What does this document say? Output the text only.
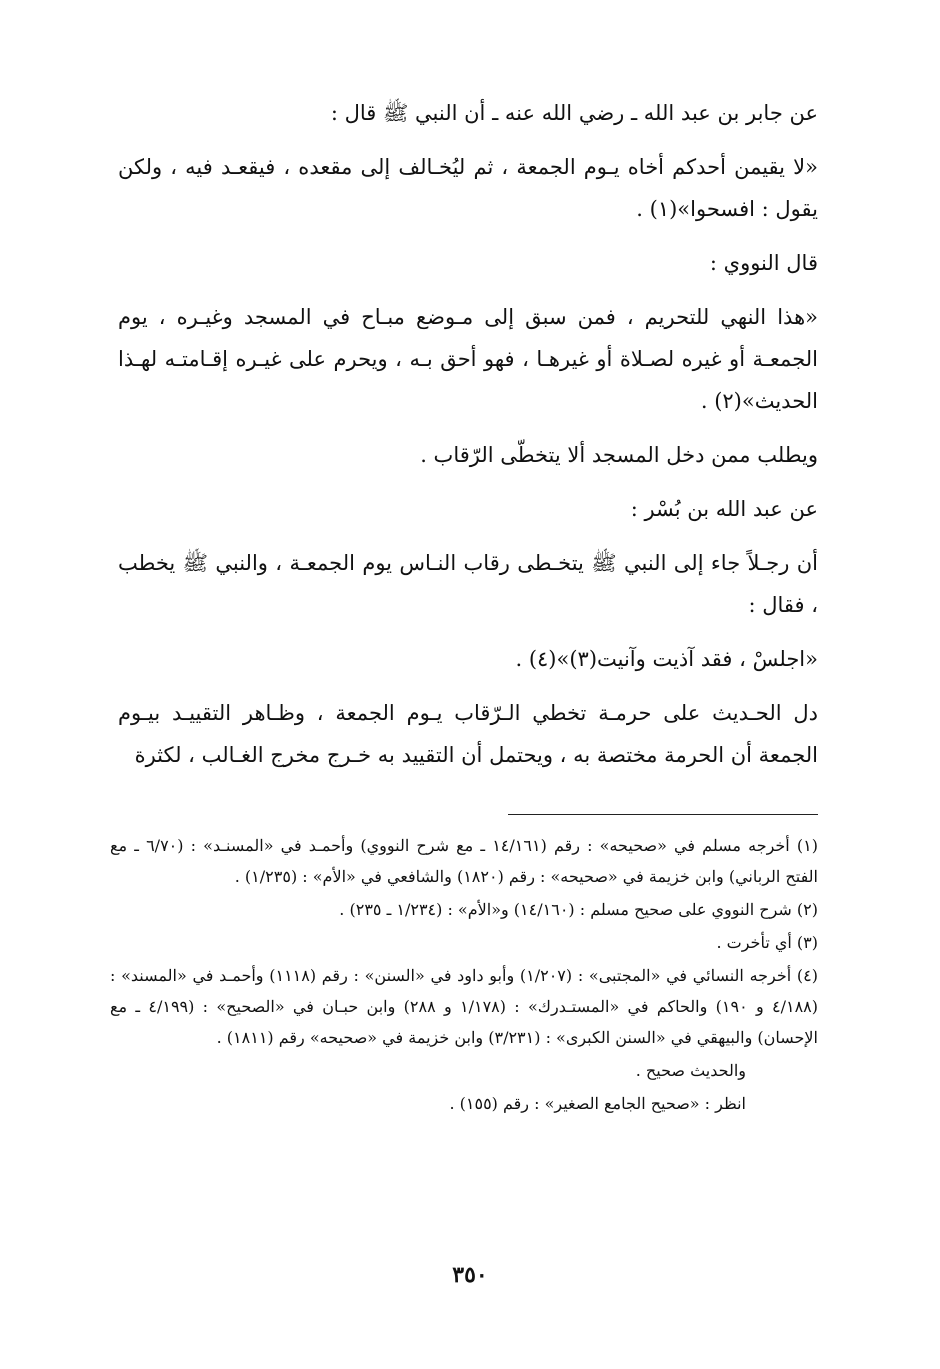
عن جابر بن عبد الله ـ رضي الله عنه ـ أن النبي ﷺ قال :

«لا يقيمن أحدكم أخاه يـوم الجمعة ، ثم ليُخـالف إلى مقعده ، فيقعـد فيه ، ولكن يقول : افسحوا»(١) .

قال النووي :

«هذا النهي للتحريم ، فمن سبق إلى مـوضع مبـاح في المسجد وغيـره ، يوم الجمعـة أو غيره لصـلاة أو غيرهـا ، فهو أحق بـه ، ويحرم على غيـره إقـامتـه لهـذا الحديث»(٢) .

ويطلب ممن دخل المسجد ألا يتخطّى الرّقاب .

عن عبد الله بن بُسْر :

أن رجـلاً جاء إلى النبي ﷺ يتخـطى رقاب النـاس يوم الجمعـة ، والنبي ﷺ يخطب ، فقال :

«اجلسْ ، فقد آذيت وآنيت(٣)»(٤) .

دل الحـديث على حرمـة تخطي الـرّقاب يـوم الجمعة ، وظـاهر التقييـد بيـوم الجمعة أن الحرمة مختصة به ، ويحتمل أن التقييد به خـرج مخرج الغـالب ، لكثرة

(١) أخرجه مسلم في «صحيحه» : رقم (١٤/١٦١ ـ مع شرح النووي) وأحمـد في «المسنـد» : (٦/٧٠ ـ مع الفتح الرباني) وابن خزيمة في «صحيحه» : رقم (١٨٢٠) والشافعي في «الأم» : (١/٢٣٥) .

(٢) شرح النووي على صحيح مسلم : (١٤/١٦٠) و«الأم» : (١/٢٣٤ ـ ٢٣٥) .

(٣) أي تأخرت .

(٤) أخرجه النسائي في «المجتبى» : (١/٢٠٧) وأبو داود في «السنن» : رقم (١١١٨) وأحمـد في «المسند» : (٤/١٨٨ و ١٩٠) والحاكم في «المستـدرك» : (١/١٧٨ و ٢٨٨) وابن حبـان في «الصحيح» : (٤/١٩٩ ـ مع الإحسان) والبيهقي في «السنن الكبرى» : (٣/٢٣١) وابن خزيمة في «صحيحه» رقم (١٨١١) .

والحديث صحيح .

انظر : «صحيح الجامع الصغير» : رقم (١٥٥) .

٣٥٠
